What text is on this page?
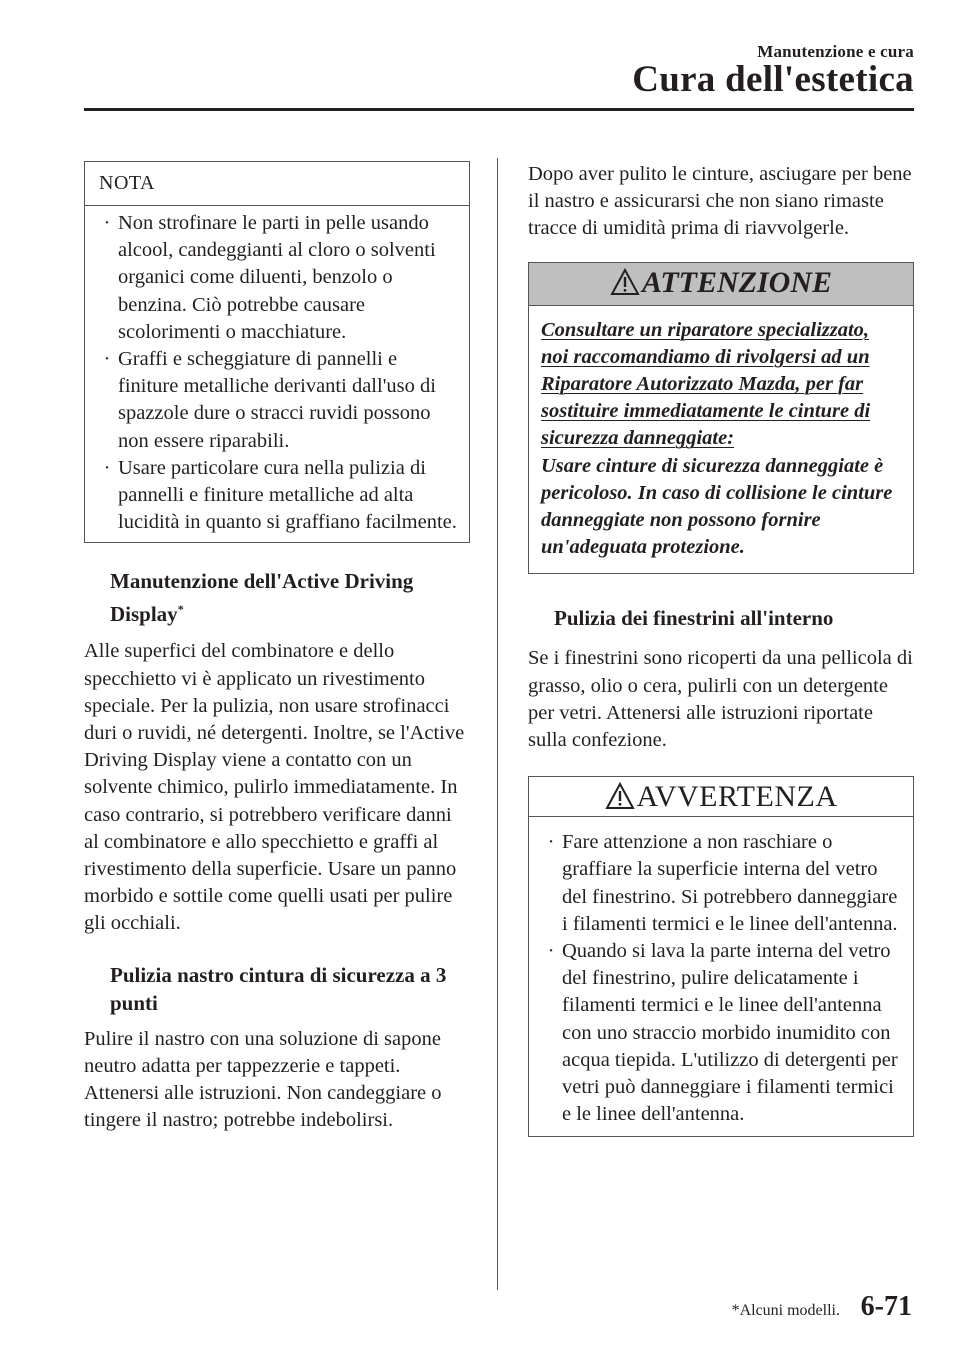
Manutenzione e cura
Cura dell'estetica
NOTA
· Non strofinare le parti in pelle usando alcool, candeggianti al cloro o solventi organici come diluenti, benzolo o benzina. Ciò potrebbe causare scolorimenti o macchiature.
· Graffi e scheggiature di pannelli e finiture metalliche derivanti dall'uso di spazzole dure o stracci ruvidi possono non essere riparabili.
· Usare particolare cura nella pulizia di pannelli e finiture metalliche ad alta lucidità in quanto si graffiano facilmente.

Manutenzione dell'Active Driving Display*

Alle superfici del combinatore e dello specchietto vi è applicato un rivestimento speciale. Per la pulizia, non usare strofinacci duri o ruvidi, né detergenti. Inoltre, se l'Active Driving Display viene a contatto con un solvente chimico, pulirlo immediatamente. In caso contrario, si potrebbero verificare danni al combinatore e allo specchietto e graffi al rivestimento della superficie. Usare un panno morbido e sottile come quelli usati per pulire gli occhiali.

Pulizia nastro cintura di sicurezza a 3 punti

Pulire il nastro con una soluzione di sapone neutro adatta per tappezzerie e tappeti. Attenersi alle istruzioni. Non candeggiare o tingere il nastro; potrebbe indebolirsi.

Dopo aver pulito le cinture, asciugare per bene il nastro e assicurarsi che non siano rimaste tracce di umidità prima di riavvolgerle.

ATTENZIONE
Consultare un riparatore specializzato, noi raccomandiamo di rivolgersi ad un Riparatore Autorizzato Mazda, per far sostituire immediatamente le cinture di sicurezza danneggiate:
Usare cinture di sicurezza danneggiate è pericoloso. In caso di collisione le cinture danneggiate non possono fornire un'adeguata protezione.

Pulizia dei finestrini all'interno

Se i finestrini sono ricoperti da una pellicola di grasso, olio o cera, pulirli con un detergente per vetri. Attenersi alle istruzioni riportate sulla confezione.

AVVERTENZA
· Fare attenzione a non raschiare o graffiare la superficie interna del vetro del finestrino. Si potrebbero danneggiare i filamenti termici e le linee dell'antenna.
· Quando si lava la parte interna del vetro del finestrino, pulire delicatamente i filamenti termici e le linee dell'antenna con uno straccio morbido inumidito con acqua tiepida. L'utilizzo di detergenti per vetri può danneggiare i filamenti termici e le linee dell'antenna.
*Alcuni modelli. 6-71
